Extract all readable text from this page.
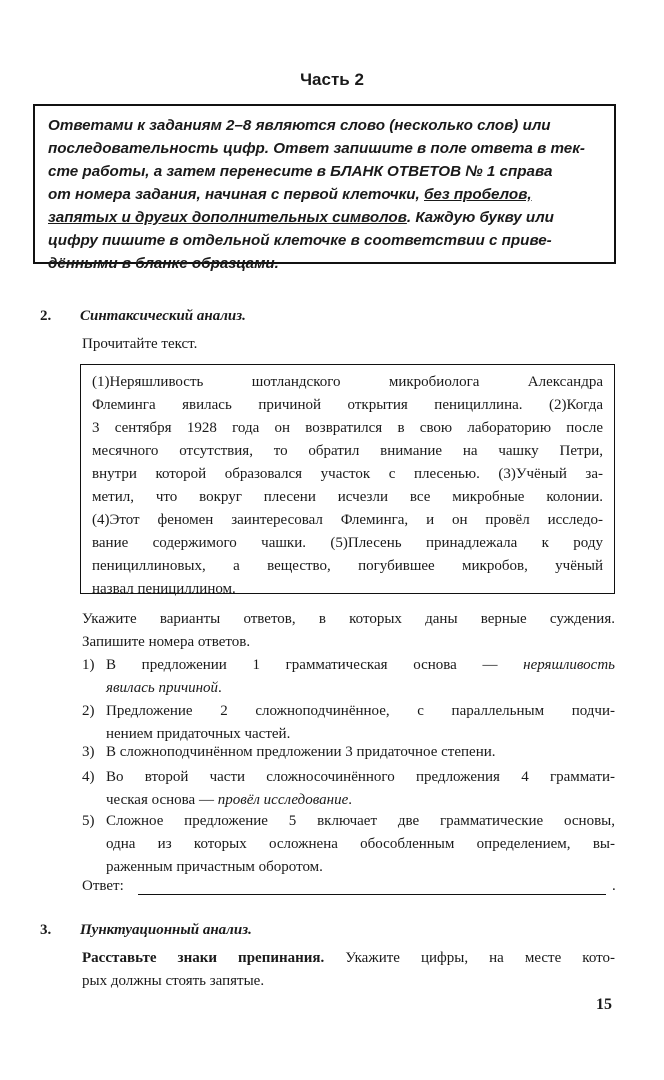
Часть 2
Ответами к заданиям 2–8 являются слово (несколько слов) или
последовательность цифр. Ответ запишите в поле ответа в тек-
сте работы, а затем перенесите в БЛАНК ОТВЕТОВ № 1 справа
от номера задания, начиная с первой клеточки, без пробелов,
запятых и других дополнительных символов. Каждую букву или
цифру пишите в отдельной клеточке в соответствии с приве-
дёнными в бланке образцами.
2. Синтаксический анализ.
Прочитайте текст.
(1)Неряшливость шотландского микробиолога Александра
Флеминга явилась причиной открытия пенициллина. (2)Когда
3 сентября 1928 года он возвратился в свою лабораторию после
месячного отсутствия, то обратил внимание на чашку Петри,
внутри которой образовался участок с плесенью. (3)Учёный за-
метил, что вокруг плесени исчезли все микробные колонии.
(4)Этот феномен заинтересовал Флеминга, и он провёл исследо-
вание содержимого чашки. (5)Плесень принадлежала к роду
пенициллиновых, а вещество, погубившее микробов, учёный
назвал пенициллином.
Укажите варианты ответов, в которых даны верные суждения.
Запишите номера ответов.
1) В предложении 1 грамматическая основа — неряшливость
явилась причиной.
2) Предложение 2 сложноподчинённое, с параллельным подчи-
нением придаточных частей.
3) В сложноподчинённом предложении 3 придаточное степени.
4) Во второй части сложносочинённого предложения 4 граммати-
ческая основа — провёл исследование.
5) Сложное предложение 5 включает две грамматические основы,
одна из которых осложнена обособленным определением, вы-
раженным причастным оборотом.
Ответ:	.
3. Пунктуационный анализ.
Расставьте знаки препинания. Укажите цифры, на месте кото-
рых должны стоять запятые.
15
